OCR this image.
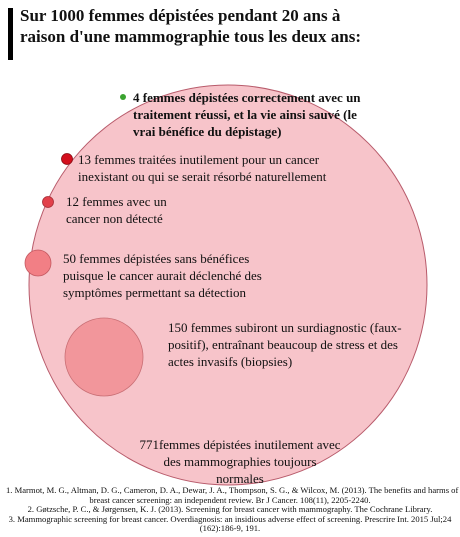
Sur 1000 femmes dépistées pendant 20 ans à
raison d'une mammographie tous les deux ans:
4 femmes dépistées correctement avec un
traitement réussi, et la vie ainsi sauvé (le
vrai bénéfice du dépistage)
13 femmes traitées inutilement pour un cancer
inexistant ou qui se serait résorbé naturellement
12 femmes avec un
cancer non détecté
50 femmes dépistées sans bénéfices
puisque le cancer aurait déclenché des
symptômes permettant sa détection
150 femmes subiront un surdiagnostic (faux-
positif), entraînant beaucoup de stress et des
actes invasifs (biopsies)
771femmes dépistées inutilement avec
des mammographies toujours
normales
1. Marmot, M. G., Altman, D. G., Cameron, D. A., Dewar, J. A., Thompson, S. G., & Wilcox, M. (2013). The benefits and harms of
breast cancer screening: an independent review. Br J Cancer. 108(11), 2205-2240.
2. Gøtzsche, P. C., & Jørgensen, K. J. (2013). Screening for breast cancer with mammography. The Cochrane Library.
3. Mammographic screening for breast cancer. Overdiagnosis: an insidious adverse effect of screening. Prescrire Int. 2015 Jul;24
(162):186-9, 191.
